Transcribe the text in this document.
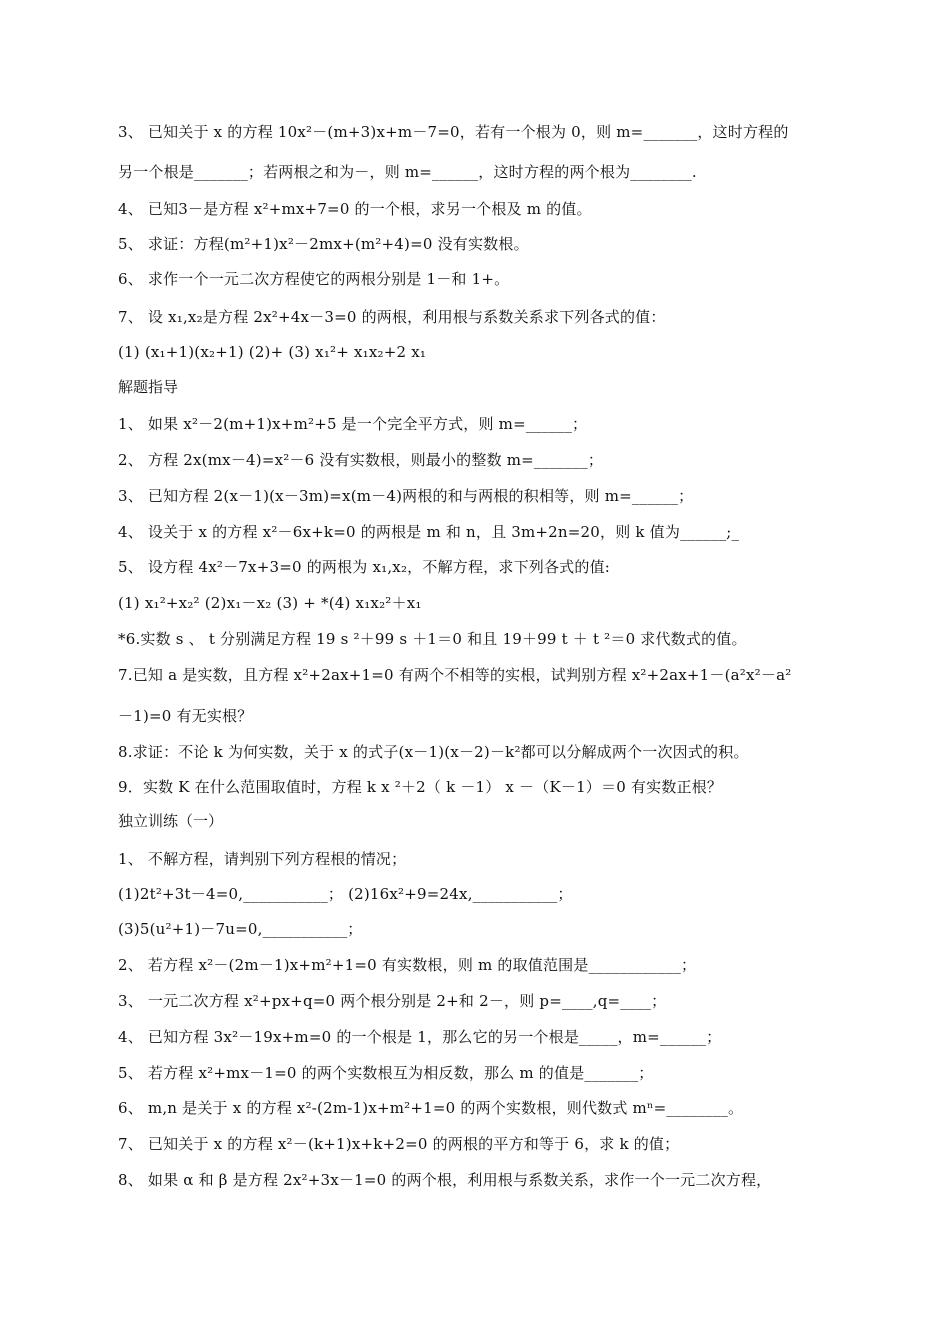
3、 已知关于 x 的方程 10x²－(m+3)x+m－7=0，若有一个根为 0，则 m=_______，这时方程的
另一个根是_______；若两根之和为－，则 m=______，这时方程的两个根为________.
4、 已知3－是方程 x²+mx+7=0 的一个根，求另一个根及 m 的值。
5、 求证：方程(m²+1)x²－2mx+(m²+4)=0 没有实数根。
6、 求作一个一元二次方程使它的两根分别是 1－和 1+。
7、 设 x₁,x₂是方程 2x²+4x－3=0 的两根，利用根与系数关系求下列各式的值：
(1) (x₁+1)(x₂+1) (2)+ (3) x₁²+ x₁x₂+2 x₁
解题指导
1、 如果 x²－2(m+1)x+m²+5 是一个完全平方式，则 m=______；
2、 方程 2x(mx－4)=x²－6 没有实数根，则最小的整数 m=_______；
3、 已知方程 2(x－1)(x－3m)=x(m－4)两根的和与两根的积相等，则 m=______；
4、 设关于 x 的方程 x²－6x+k=0 的两根是 m 和 n，且 3m+2n=20，则 k 值为______;_
5、 设方程 4x²－7x+3=0 的两根为 x₁,x₂，不解方程，求下列各式的值:
(1) x₁²+x₂² (2)x₁－x₂ (3) + *(4) x₁x₂²＋x₁
*6.实数 s 、 t 分别满足方程 19 s ²＋99 s ＋1＝0 和且 19＋99 t ＋ t ²＝0 求代数式的值。
7.已知 a 是实数，且方程 x²+2ax+1=0 有两个不相等的实根，试判别方程 x²+2ax+1－(a²x²－a²
－1)=0 有无实根？
8.求证：不论 k 为何实数，关于 x 的式子(x－1)(x－2)－k²都可以分解成两个一次因式的积。
9．实数 K 在什么范围取值时，方程 k x ²＋2（ k －1） x －（K－1）＝0 有实数正根？
独立训练（一）
1、 不解方程，请判别下列方程根的情况；
(1)2t²+3t－4=0,___________； (2)16x²+9=24x,___________；
(3)5(u²+1)－7u=0,___________；
2、 若方程 x²－(2m－1)x+m²+1=0 有实数根，则 m 的取值范围是____________；
3、 一元二次方程 x²+px+q=0 两个根分别是 2+和 2－，则 p=____,q=____；
4、 已知方程 3x²－19x+m=0 的一个根是 1，那么它的另一个根是_____，m=______；
5、 若方程 x²+mx－1=0 的两个实数根互为相反数，那么 m 的值是_______；
6、 m,n 是关于 x 的方程 x²-(2m-1)x+m²+1=0 的两个实数根，则代数式 mⁿ=________。
7、 已知关于 x 的方程 x²－(k+1)x+k+2=0 的两根的平方和等于 6，求 k 的值；
8、 如果 α 和 β 是方程 2x²+3x－1=0 的两个根，利用根与系数关系，求作一个一元二次方程，
